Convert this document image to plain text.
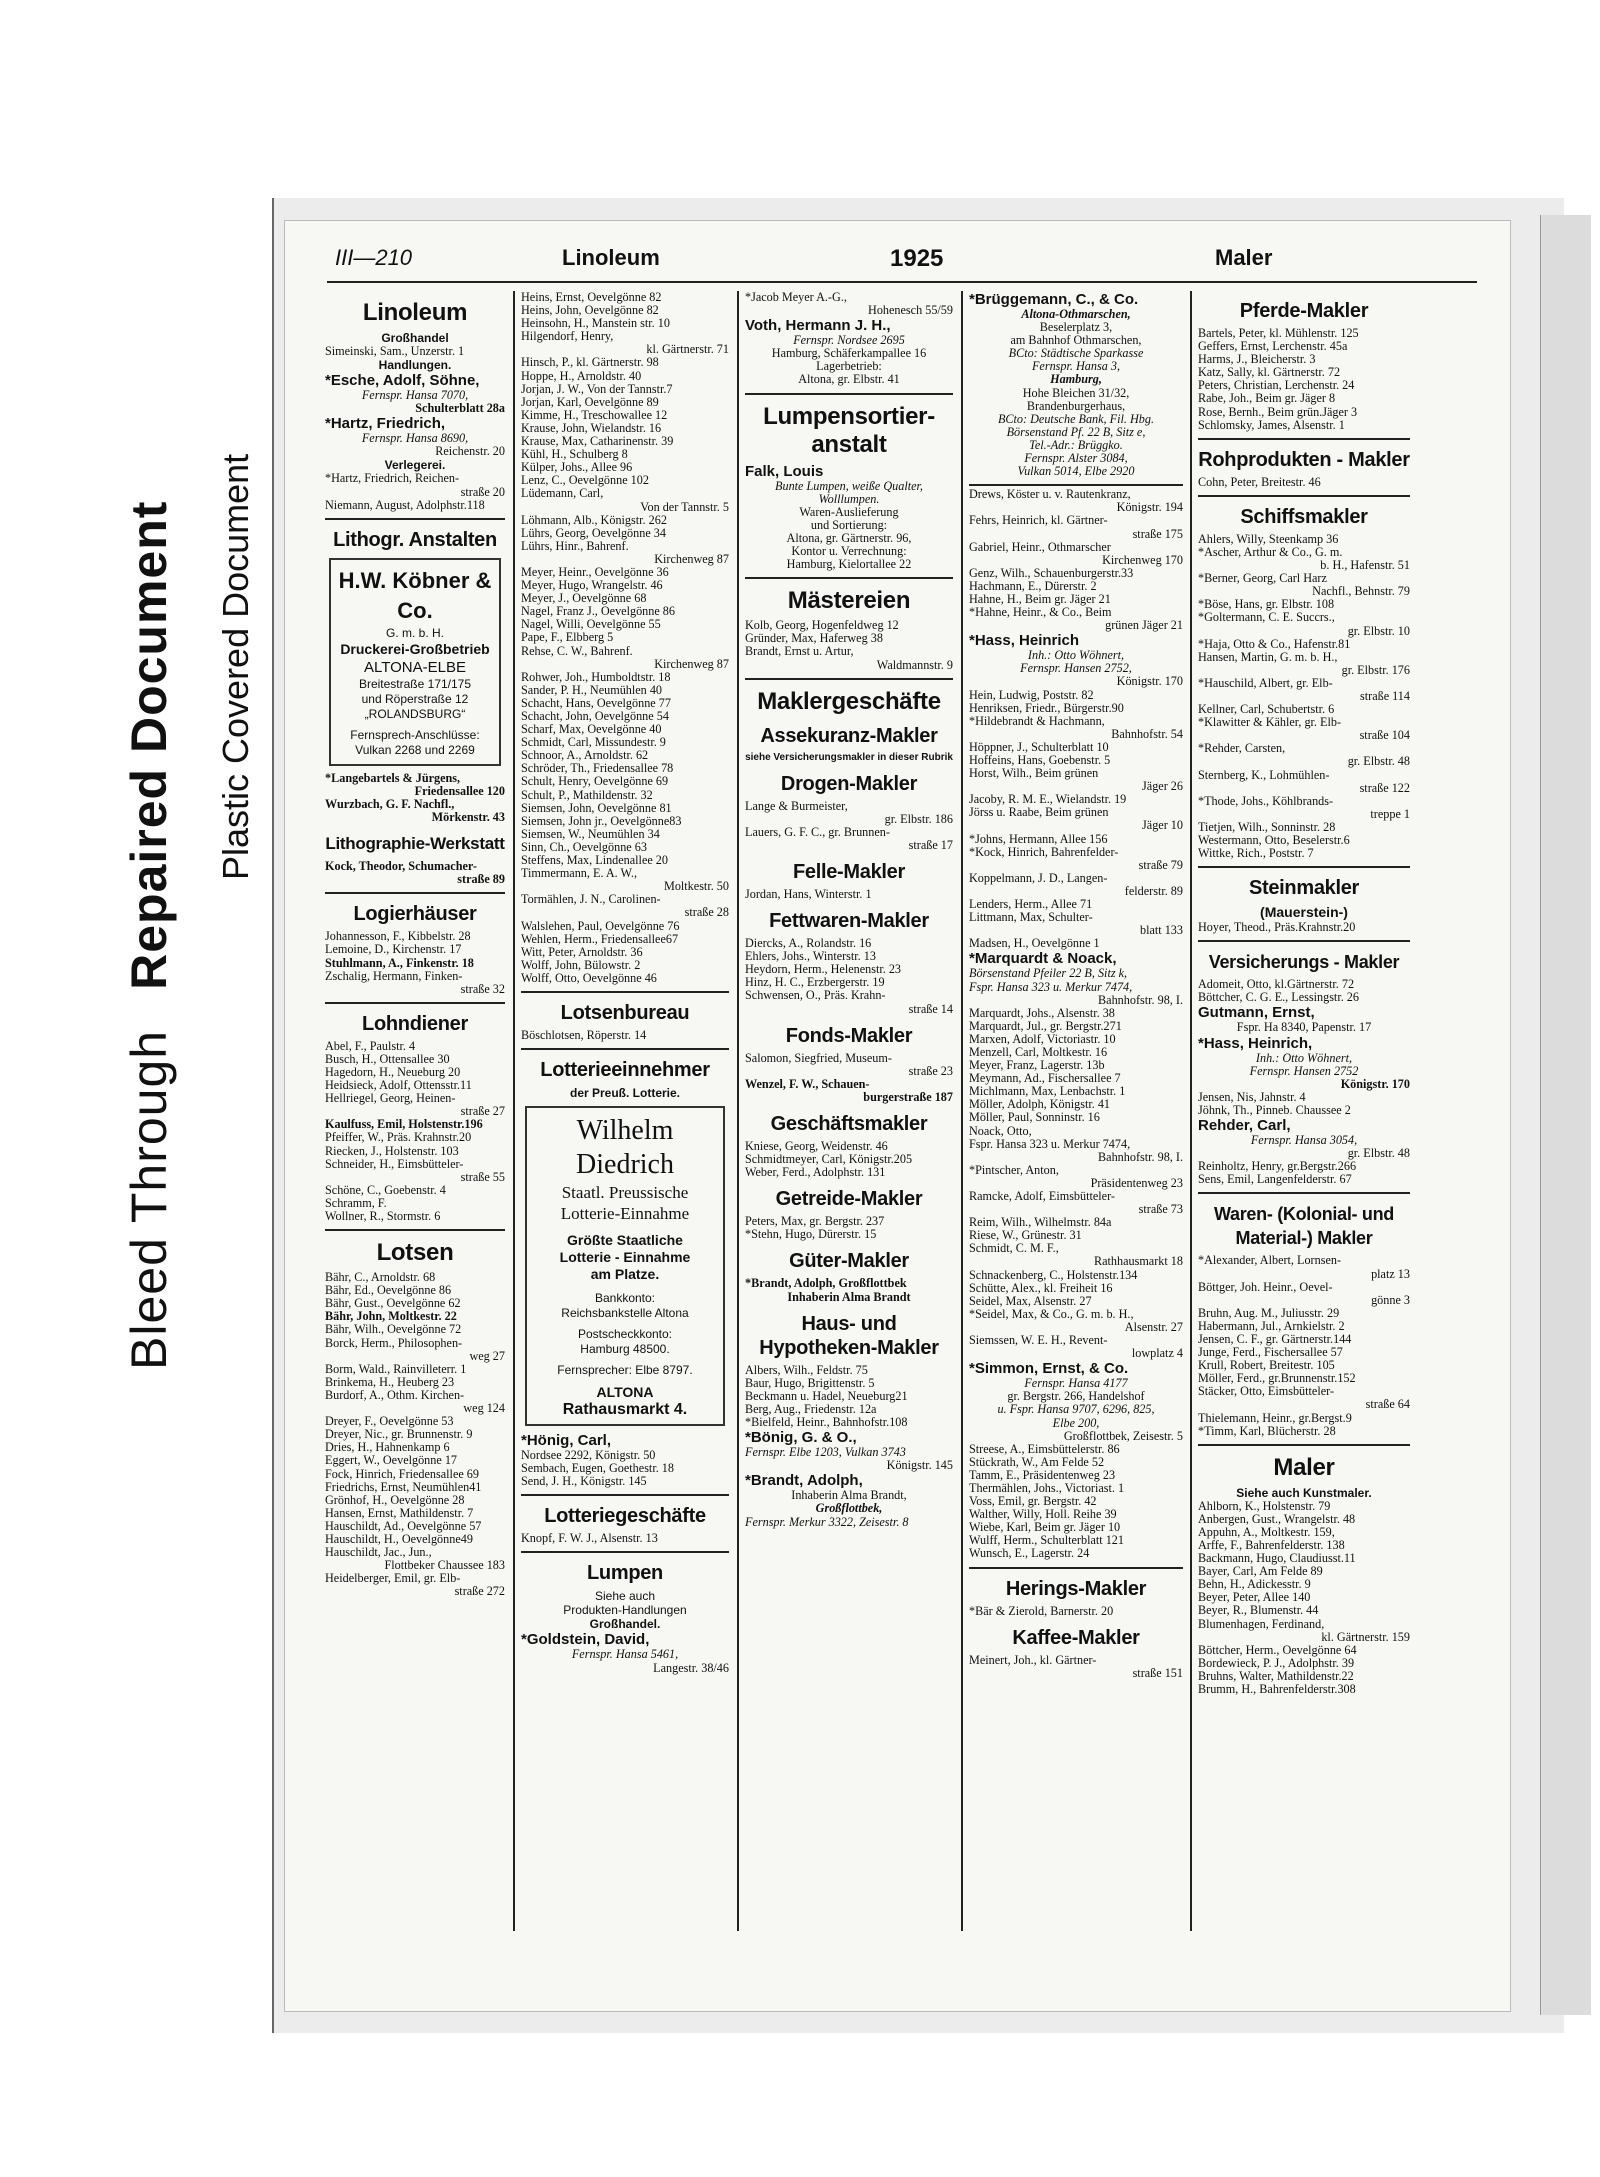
Bleed ThroughRepaired Document Plastic Covered Document
III—210	Linoleum	1925	Maler
Linoleum
Großhandel
Simeinski, Sam., Unzerstr. 1
Handlungen.
*Esche, Adolf, Söhne,
Fernspr. Hansa 7070,
Schulterblatt 28a
*Hartz, Friedrich,
Fernspr. Hansa 8690,
Reichenstr. 20
Verlegerei.
*Hartz, Friedrich, Reichen-
straße 20
Niemann, August, Adolphstr.118
Lithogr. Anstalten
H.W. Köbner & Co.
G. m. b. H.
Druckerei-Großbetrieb
ALTONA-ELBE
Breitestraße 171/175
und Röperstraße 12
„ROLANDSBURG“
Fernsprech-Anschlüsse:
Vulkan 2268 und 2269
*Langebartels & Jürgens,
Friedensallee 120
Wurzbach, G. F. Nachfl.,
Mörkenstr. 43
Lithographie-Werkstatt
Kock, Theodor, Schumacher-
straße 89
Logierhäuser
Johannesson, F., Kibbelstr. 28
Lemoine, D., Kirchenstr. 17
Stuhlmann, A., Finkenstr. 18
Zschalig, Hermann, Finken-
straße 32
Lohndiener
Abel, F., Paulstr. 4
Busch, H., Ottensallee 30
Hagedorn, H., Neueburg 20
Heidsieck, Adolf, Ottensstr.11
Hellriegel, Georg, Heinen-
straße 27
Kaulfuss, Emil, Holstenstr.196
Pfeiffer, W., Präs. Krahnstr.20
Riecken, J., Holstenstr. 103
Schneider, H., Eimsbütteler-
straße 55
Schöne, C., Goebenstr. 4
Schramm, F.
Wollner, R., Stormstr. 6
Lotsen
Bähr, C., Arnoldstr. 68
Bähr, Ed., Oevelgönne 86
Bähr, Gust., Oevelgönne 62
Bähr, John, Moltkestr. 22
Bähr, Wilh., Oevelgönne 72
Borck, Herm., Philosophen-
weg 27
Borm, Wald., Rainvilleterr. 1
Brinkema, H., Heuberg 23
Burdorf, A., Othm. Kirchen-
weg 124
Dreyer, F., Oevelgönne 53
Dreyer, Nic., gr. Brunnenstr. 9
Dries, H., Hahnenkamp 6
Eggert, W., Oevelgönne 17
Fock, Hinrich, Friedensallee 69
Friedrichs, Ernst, Neumühlen41
Grönhof, H., Oevelgönne 28
Hansen, Ernst, Mathildenstr. 7
Hauschildt, Ad., Oevelgönne 57
Hauschildt, H., Oevelgönne49
Hauschildt, Jac., Jun.,
Flottbeker Chaussee 183
Heidelberger, Emil, gr. Elb-
straße 272
Heins, Ernst, Oevelgönne 82
Heins, John, Oevelgönne 82
Heinsohn, H., Manstein str. 10
Hilgendorf, Henry,
kl. Gärtnerstr. 71
Hinsch, P., kl. Gärtnerstr. 98
Hoppe, H., Arnoldstr. 40
Jorjan, J. W., Von der Tannstr.7
Jorjan, Karl, Oevelgönne 89
Kimme, H., Treschowallee 12
Krause, John, Wielandstr. 16
Krause, Max, Catharinenstr. 39
Kühl, H., Schulberg 8
Külper, Johs., Allee 96
Lenz, C., Oevelgönne 102
Lüdemann, Carl,
Von der Tannstr. 5
Löhmann, Alb., Königstr. 262
Lührs, Georg, Oevelgönne 34
Lührs, Hinr., Bahrenf.
Kirchenweg 87
Meyer, Heinr., Oevelgönne 36
Meyer, Hugo, Wrangelstr. 46
Meyer, J., Oevelgönne 68
Nagel, Franz J., Oevelgönne 86
Nagel, Willi, Oevelgönne 55
Pape, F., Elbberg 5
Rehse, C. W., Bahrenf.
Kirchenweg 87
Rohwer, Joh., Humboldtstr. 18
Sander, P. H., Neumühlen 40
Schacht, Hans, Oevelgönne 77
Schacht, John, Oevelgönne 54
Scharf, Max, Oevelgönne 40
Schmidt, Carl, Missundestr. 9
Schnoor, A., Arnoldstr. 62
Schröder, Th., Friedensallee 78
Schult, Henry, Oevelgönne 69
Schult, P., Mathildenstr. 32
Siemsen, John, Oevelgönne 81
Siemsen, John jr., Oevelgönne83
Siemsen, W., Neumühlen 34
Sinn, Ch., Oevelgönne 63
Steffens, Max, Lindenallee 20
Timmermann, E. A. W.,
Moltkestr. 50
Tormählen, J. N., Carolinen-
straße 28
Walslehen, Paul, Oevelgönne 76
Wehlen, Herm., Friedensallee67
Witt, Peter, Arnoldstr. 36
Wolff, John, Bülowstr. 2
Wolff, Otto, Oevelgönne 46
Lotsenbureau
Böschlotsen, Röperstr. 14
Lotterieeinnehmer
der Preuß. Lotterie.
Wilhelm Diedrich
Staatl. Preussische
Lotterie-Einnahme
Größte Staatliche
Lotterie - Einnahme
am Platze.
Bankkonto:
Reichsbankstelle Altona
Postscheckkonto:
Hamburg 48500.
Fernsprecher: Elbe 8797.
ALTONA
Rathausmarkt 4.
*Hönig, Carl,
Nordsee 2292, Königstr. 50
Sembach, Eugen, Goethestr. 18
Send, J. H., Königstr. 145
Lotteriegeschäfte
Knopf, F. W. J., Alsenstr. 13
Lumpen
Siehe auch
Produkten-Handlungen
Großhandel.
*Goldstein, David,
Fernspr. Hansa 5461,
Langestr. 38/46
*Jacob Meyer A.-G.,
Hohenesch 55/59
Voth, Hermann J. H.,
Fernspr. Nordsee 2695
Hamburg, Schäferkampallee 16
Lagerbetrieb:
Altona, gr. Elbstr. 41
Lumpensortier-anstalt
Falk, Louis
Bunte Lumpen, weiße Qualter,
Wolllumpen.
Waren-Auslieferung
und Sortierung:
Altona, gr. Gärtnerstr. 96,
Kontor u. Verrechnung:
Hamburg, Kielortallee 22
Mästereien
Kolb, Georg, Hogenfeldweg 12
Gründer, Max, Haferweg 38
Brandt, Ernst u. Artur,
Waldmannstr. 9
Maklergeschäfte
Assekuranz-Makler
siehe Versicherungsmakler in dieser Rubrik
Drogen-Makler
Lange & Burmeister,
gr. Elbstr. 186
Lauers, G. F. C., gr. Brunnen-
straße 17
Felle-Makler
Jordan, Hans, Winterstr. 1
Fettwaren-Makler
Diercks, A., Rolandstr. 16
Ehlers, Johs., Winterstr. 13
Heydorn, Herm., Helenenstr. 23
Hinz, H. C., Erzbergerstr. 19
Schwensen, O., Präs. Krahn-
straße 14
Fonds-Makler
Salomon, Siegfried, Museum-
straße 23
Wenzel, F. W., Schauen-
burgerstraße 187
Geschäftsmakler
Kniese, Georg, Weidenstr. 46
Schmidtmeyer, Carl, Königstr.205
Weber, Ferd., Adolphstr. 131
Getreide-Makler
Peters, Max, gr. Bergstr. 237
*Stehn, Hugo, Dürerstr. 15
Güter-Makler
*Brandt, Adolph, Großflottbek
Inhaberin Alma Brandt
Haus- und Hypotheken-Makler
Albers, Wilh., Feldstr. 75
Baur, Hugo, Brigittenstr. 5
Beckmann u. Hadel, Neueburg21
Berg, Aug., Friedenstr. 12a
*Bielfeld, Heinr., Bahnhofstr.108
*Bönig, G. & O.,
Fernspr. Elbe 1203, Vulkan 3743
Königstr. 145
*Brandt, Adolph,
Inhaberin Alma Brandt,
Großflottbek,
Fernspr. Merkur 3322, Zeisestr. 8
*Brüggemann, C., & Co.
Altona-Othmarschen,
Beselerplatz 3,
am Bahnhof Othmarschen,
BCto: Städtische Sparkasse
Fernspr. Hansa 3,
Hamburg,
Hohe Bleichen 31/32,
Brandenburgerhaus,
BCto: Deutsche Bank, Fil. Hbg.
Börsenstand Pf. 22 B, Sitz e,
Tel.-Adr.: Brüggko.
Fernspr. Alster 3084,
Vulkan 5014, Elbe 2920
Drews, Köster u. v. Rautenkranz,
Königstr. 194
Fehrs, Heinrich, kl. Gärtner-
straße 175
Gabriel, Heinr., Othmarscher
Kirchenweg 170
Genz, Wilh., Schauenburgerstr.33
Hachmann, E., Dürerstr. 2
Hahne, H., Beim gr. Jäger 21
*Hahne, Heinr., & Co., Beim
grünen Jäger 21
*Hass, Heinrich
Inh.: Otto Wöhnert,
Fernspr. Hansen 2752,
Königstr. 170
Hein, Ludwig, Poststr. 82
Henriksen, Friedr., Bürgerstr.90
*Hildebrandt & Hachmann,
Bahnhofstr. 54
Höppner, J., Schulterblatt 10
Hoffeins, Hans, Goebenstr. 5
Horst, Wilh., Beim grünen
Jäger 26
Jacoby, R. M. E., Wielandstr. 19
Jörss u. Raabe, Beim grünen
Jäger 10
*Johns, Hermann, Allee 156
*Kock, Hinrich, Bahrenfelder-
straße 79
Koppelmann, J. D., Langen-
felderstr. 89
Lenders, Herm., Allee 71
Littmann, Max, Schulter-
blatt 133
Madsen, H., Oevelgönne 1
*Marquardt & Noack,
Börsenstand Pfeiler 22 B, Sitz k,
Fspr. Hansa 323 u. Merkur 7474,
Bahnhofstr. 98, I.
Marquardt, Johs., Alsenstr. 38
Marquardt, Jul., gr. Bergstr.271
Marxen, Adolf, Victoriastr. 10
Menzell, Carl, Moltkestr. 16
Meyer, Franz, Lagerstr. 13b
Meymann, Ad., Fischersallee 7
Michlmann, Max, Lenbachstr. 1
Möller, Adolph, Königstr. 41
Möller, Paul, Sonninstr. 16
Noack, Otto,
Fspr. Hansa 323 u. Merkur 7474,
Bahnhofstr. 98, I.
*Pintscher, Anton,
Präsidentenweg 23
Ramcke, Adolf, Eimsbütteler-
straße 73
Reim, Wilh., Wilhelmstr. 84a
Riese, W., Grünestr. 31
Schmidt, C. M. F.,
Rathhausmarkt 18
Schnackenberg, C., Holstenstr.134
Schütte, Alex., kl. Freiheit 16
Seidel, Max, Alsenstr. 27
*Seidel, Max, & Co., G. m. b. H.,
Alsenstr. 27
Siemssen, W. E. H., Revent-
lowplatz 4
*Simmon, Ernst, & Co.
Fernspr. Hansa 4177
gr. Bergstr. 266, Handelshof
u. Fspr. Hansa 9707, 6296, 825,
Elbe 200,
Großflottbek, Zeisestr. 5
Streese, A., Eimsbüttelerstr. 86
Stückrath, W., Am Felde 52
Tamm, E., Präsidentenweg 23
Thermählen, Johs., Victoriast. 1
Voss, Emil, gr. Bergstr. 42
Walther, Willy, Holl. Reihe 39
Wiebe, Karl, Beim gr. Jäger 10
Wulff, Herm., Schulterblatt 121
Wunsch, E., Lagerstr. 24
Herings-Makler
*Bär & Zierold, Barnerstr. 20
Kaffee-Makler
Meinert, Joh., kl. Gärtner-
straße 151
Pferde-Makler
Bartels, Peter, kl. Mühlenstr. 125
Geffers, Ernst, Lerchenstr. 45a
Harms, J., Bleicherstr. 3
Katz, Sally, kl. Gärtnerstr. 72
Peters, Christian, Lerchenstr. 24
Rabe, Joh., Beim gr. Jäger 8
Rose, Bernh., Beim grün.Jäger 3
Schlomsky, James, Alsenstr. 1
Rohprodukten - Makler
Cohn, Peter, Breitestr. 46
Schiffsmakler
Ahlers, Willy, Steenkamp 36
*Ascher, Arthur & Co., G. m.
b. H., Hafenstr. 51
*Berner, Georg, Carl Harz
Nachfl., Behnstr. 79
*Böse, Hans, gr. Elbstr. 108
*Goltermann, C. E. Succrs.,
gr. Elbstr. 10
*Haja, Otto & Co., Hafenstr.81
Hansen, Martin, G. m. b. H.,
gr. Elbstr. 176
*Hauschild, Albert, gr. Elb-
straße 114
Kellner, Carl, Schubertstr. 6
*Klawitter & Kähler, gr. Elb-
straße 104
*Rehder, Carsten,
gr. Elbstr. 48
Sternberg, K., Lohmühlen-
straße 122
*Thode, Johs., Köhlbrands-
treppe 1
Tietjen, Wilh., Sonninstr. 28
Westermann, Otto, Beselerstr.6
Wittke, Rich., Poststr. 7
Steinmakler
(Mauerstein-)
Hoyer, Theod., Präs.Krahnstr.20
Versicherungs - Makler
Adomeit, Otto, kl.Gärtnerstr. 72
Böttcher, C. G. E., Lessingstr. 26
Gutmann, Ernst,
Fspr. Ha 8340, Papenstr. 17
*Hass, Heinrich,
Inh.: Otto Wöhnert,
Fernspr. Hansen 2752
Königstr. 170
Jensen, Nis, Jahnstr. 4
Jöhnk, Th., Pinneb. Chaussee 2
Rehder, Carl,
Fernspr. Hansa 3054,
gr. Elbstr. 48
Reinholtz, Henry, gr.Bergstr.266
Sens, Emil, Langenfelderstr. 67
Waren- (Kolonial- und Material-) Makler
*Alexander, Albert, Lornsen-
platz 13
Böttger, Joh. Heinr., Oevel-
gönne 3
Bruhn, Aug. M., Juliusstr. 29
Habermann, Jul., Arnkielstr. 2
Jensen, C. F., gr. Gärtnerstr.144
Junge, Ferd., Fischersallee 57
Krull, Robert, Breitestr. 105
Möller, Ferd., gr.Brunnenstr.152
Stäcker, Otto, Eimsbütteler-
straße 64
Thielemann, Heinr., gr.Bergst.9
*Timm, Karl, Blücherstr. 28
Maler
Siehe auch Kunstmaler.
Ahlborn, K., Holstenstr. 79
Anbergen, Gust., Wrangelstr. 48
Appuhn, A., Moltkestr. 159,
Arffe, F., Bahrenfelderstr. 138
Backmann, Hugo, Claudiusst.11
Bayer, Carl, Am Felde 89
Behn, H., Adickesstr. 9
Beyer, Peter, Allee 140
Beyer, R., Blumenstr. 44
Blumenhagen, Ferdinand,
kl. Gärtnerstr. 159
Böttcher, Herm., Oevelgönne 64
Bordewieck, P. J., Adolphstr. 39
Bruhns, Walter, Mathildenstr.22
Brumm, H., Bahrenfelderstr.308
